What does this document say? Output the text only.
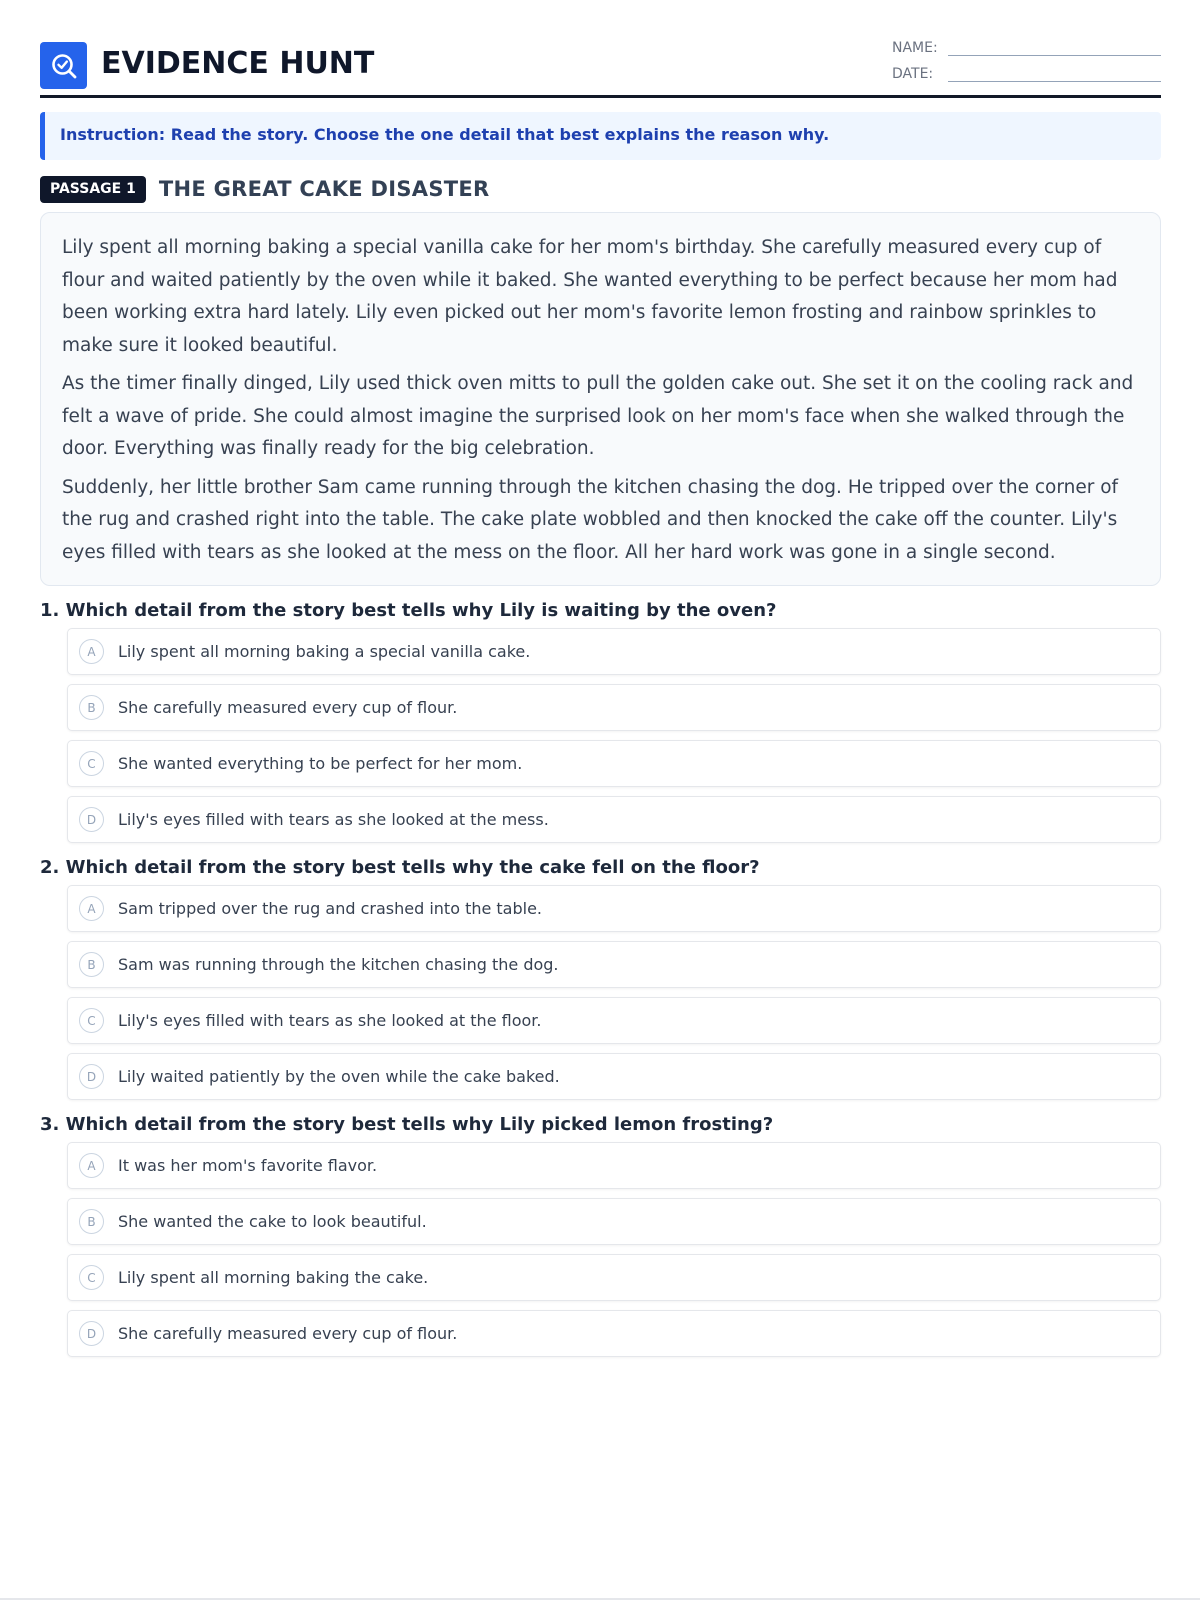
EVIDENCE HUNT	NAME:
DATE:
Instruction: Read the story. Choose the one detail that best explains the reason why.
PASSAGE 1	THE GREAT CAKE DISASTER

Lily spent all morning baking a special vanilla cake for her mom's birthday. She carefully measured every cup of flour and waited patiently by the oven while it baked. She wanted everything to be perfect because her mom had been working extra hard lately. Lily even picked out her mom's favorite lemon frosting and rainbow sprinkles to make sure it looked beautiful.

As the timer finally dinged, Lily used thick oven mitts to pull the golden cake out. She set it on the cooling rack and felt a wave of pride. She could almost imagine the surprised look on her mom's face when she walked through the door. Everything was finally ready for the big celebration.

Suddenly, her little brother Sam came running through the kitchen chasing the dog. He tripped over the corner of the rug and crashed right into the table. The cake plate wobbled and then knocked the cake off the counter. Lily's eyes filled with tears as she looked at the mess on the floor. All her hard work was gone in a single second.

1. Which detail from the story best tells why Lily is waiting by the oven?
A	Lily spent all morning baking a special vanilla cake.
B	She carefully measured every cup of flour.
C	She wanted everything to be perfect for her mom.
D	Lily's eyes filled with tears as she looked at the mess.
2. Which detail from the story best tells why the cake fell on the floor?
A	Sam tripped over the rug and crashed into the table.
B	Sam was running through the kitchen chasing the dog.
C	Lily's eyes filled with tears as she looked at the floor.
D	Lily waited patiently by the oven while the cake baked.
3. Which detail from the story best tells why Lily picked lemon frosting?
A	It was her mom's favorite flavor.
B	She wanted the cake to look beautiful.
C	Lily spent all morning baking the cake.
D	She carefully measured every cup of flour.
